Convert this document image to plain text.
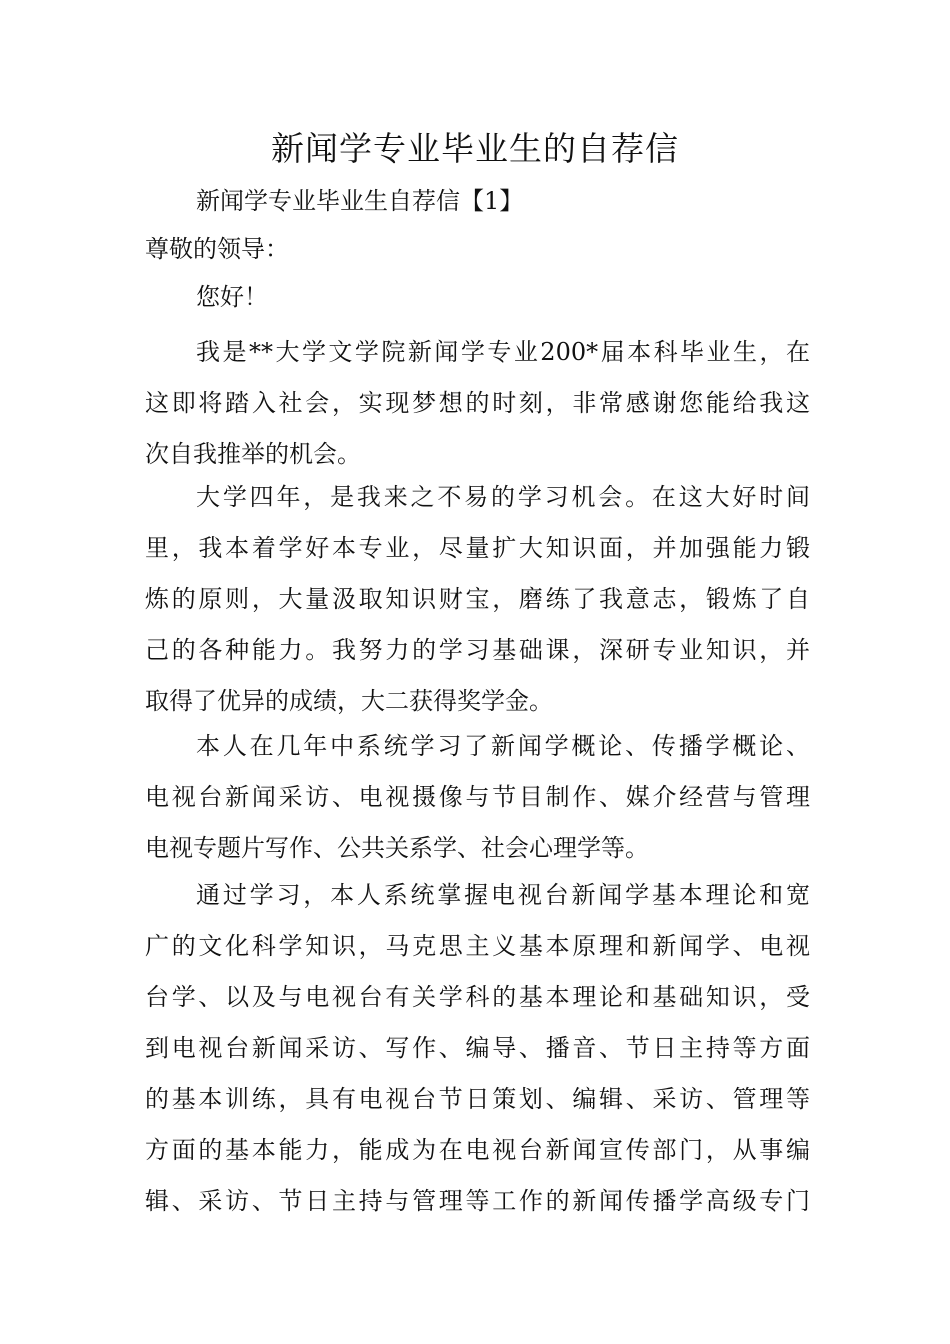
新闻学专业毕业生的自荐信

新闻学专业毕业生自荐信【1】

尊敬的领导：

您好！

我是**大学文学院新闻学专业200*届本科毕业生，在
这即将踏入社会，实现梦想的时刻，非常感谢您能给我这
次自我推举的机会。
大学四年，是我来之不易的学习机会。在这大好时间
里，我本着学好本专业，尽量扩大知识面，并加强能力锻
炼的原则，大量汲取知识财宝，磨练了我意志，锻炼了自
己的各种能力。我努力的学习基础课，深研专业知识，并
取得了优异的成绩，大二获得奖学金。
本人在几年中系统学习了新闻学概论、传播学概论、
电视台新闻采访、电视摄像与节目制作、媒介经营与管理
电视专题片写作、公共关系学、社会心理学等。
通过学习，本人系统掌握电视台新闻学基本理论和宽
广的文化科学知识，马克思主义基本原理和新闻学、电视
台学、以及与电视台有关学科的基本理论和基础知识，受
到电视台新闻采访、写作、编导、播音、节日主持等方面
的基本训练，具有电视台节日策划、编辑、采访、管理等
方面的基本能力，能成为在电视台新闻宣传部门，从事编
辑、采访、节日主持与管理等工作的新闻传播学高级专门
